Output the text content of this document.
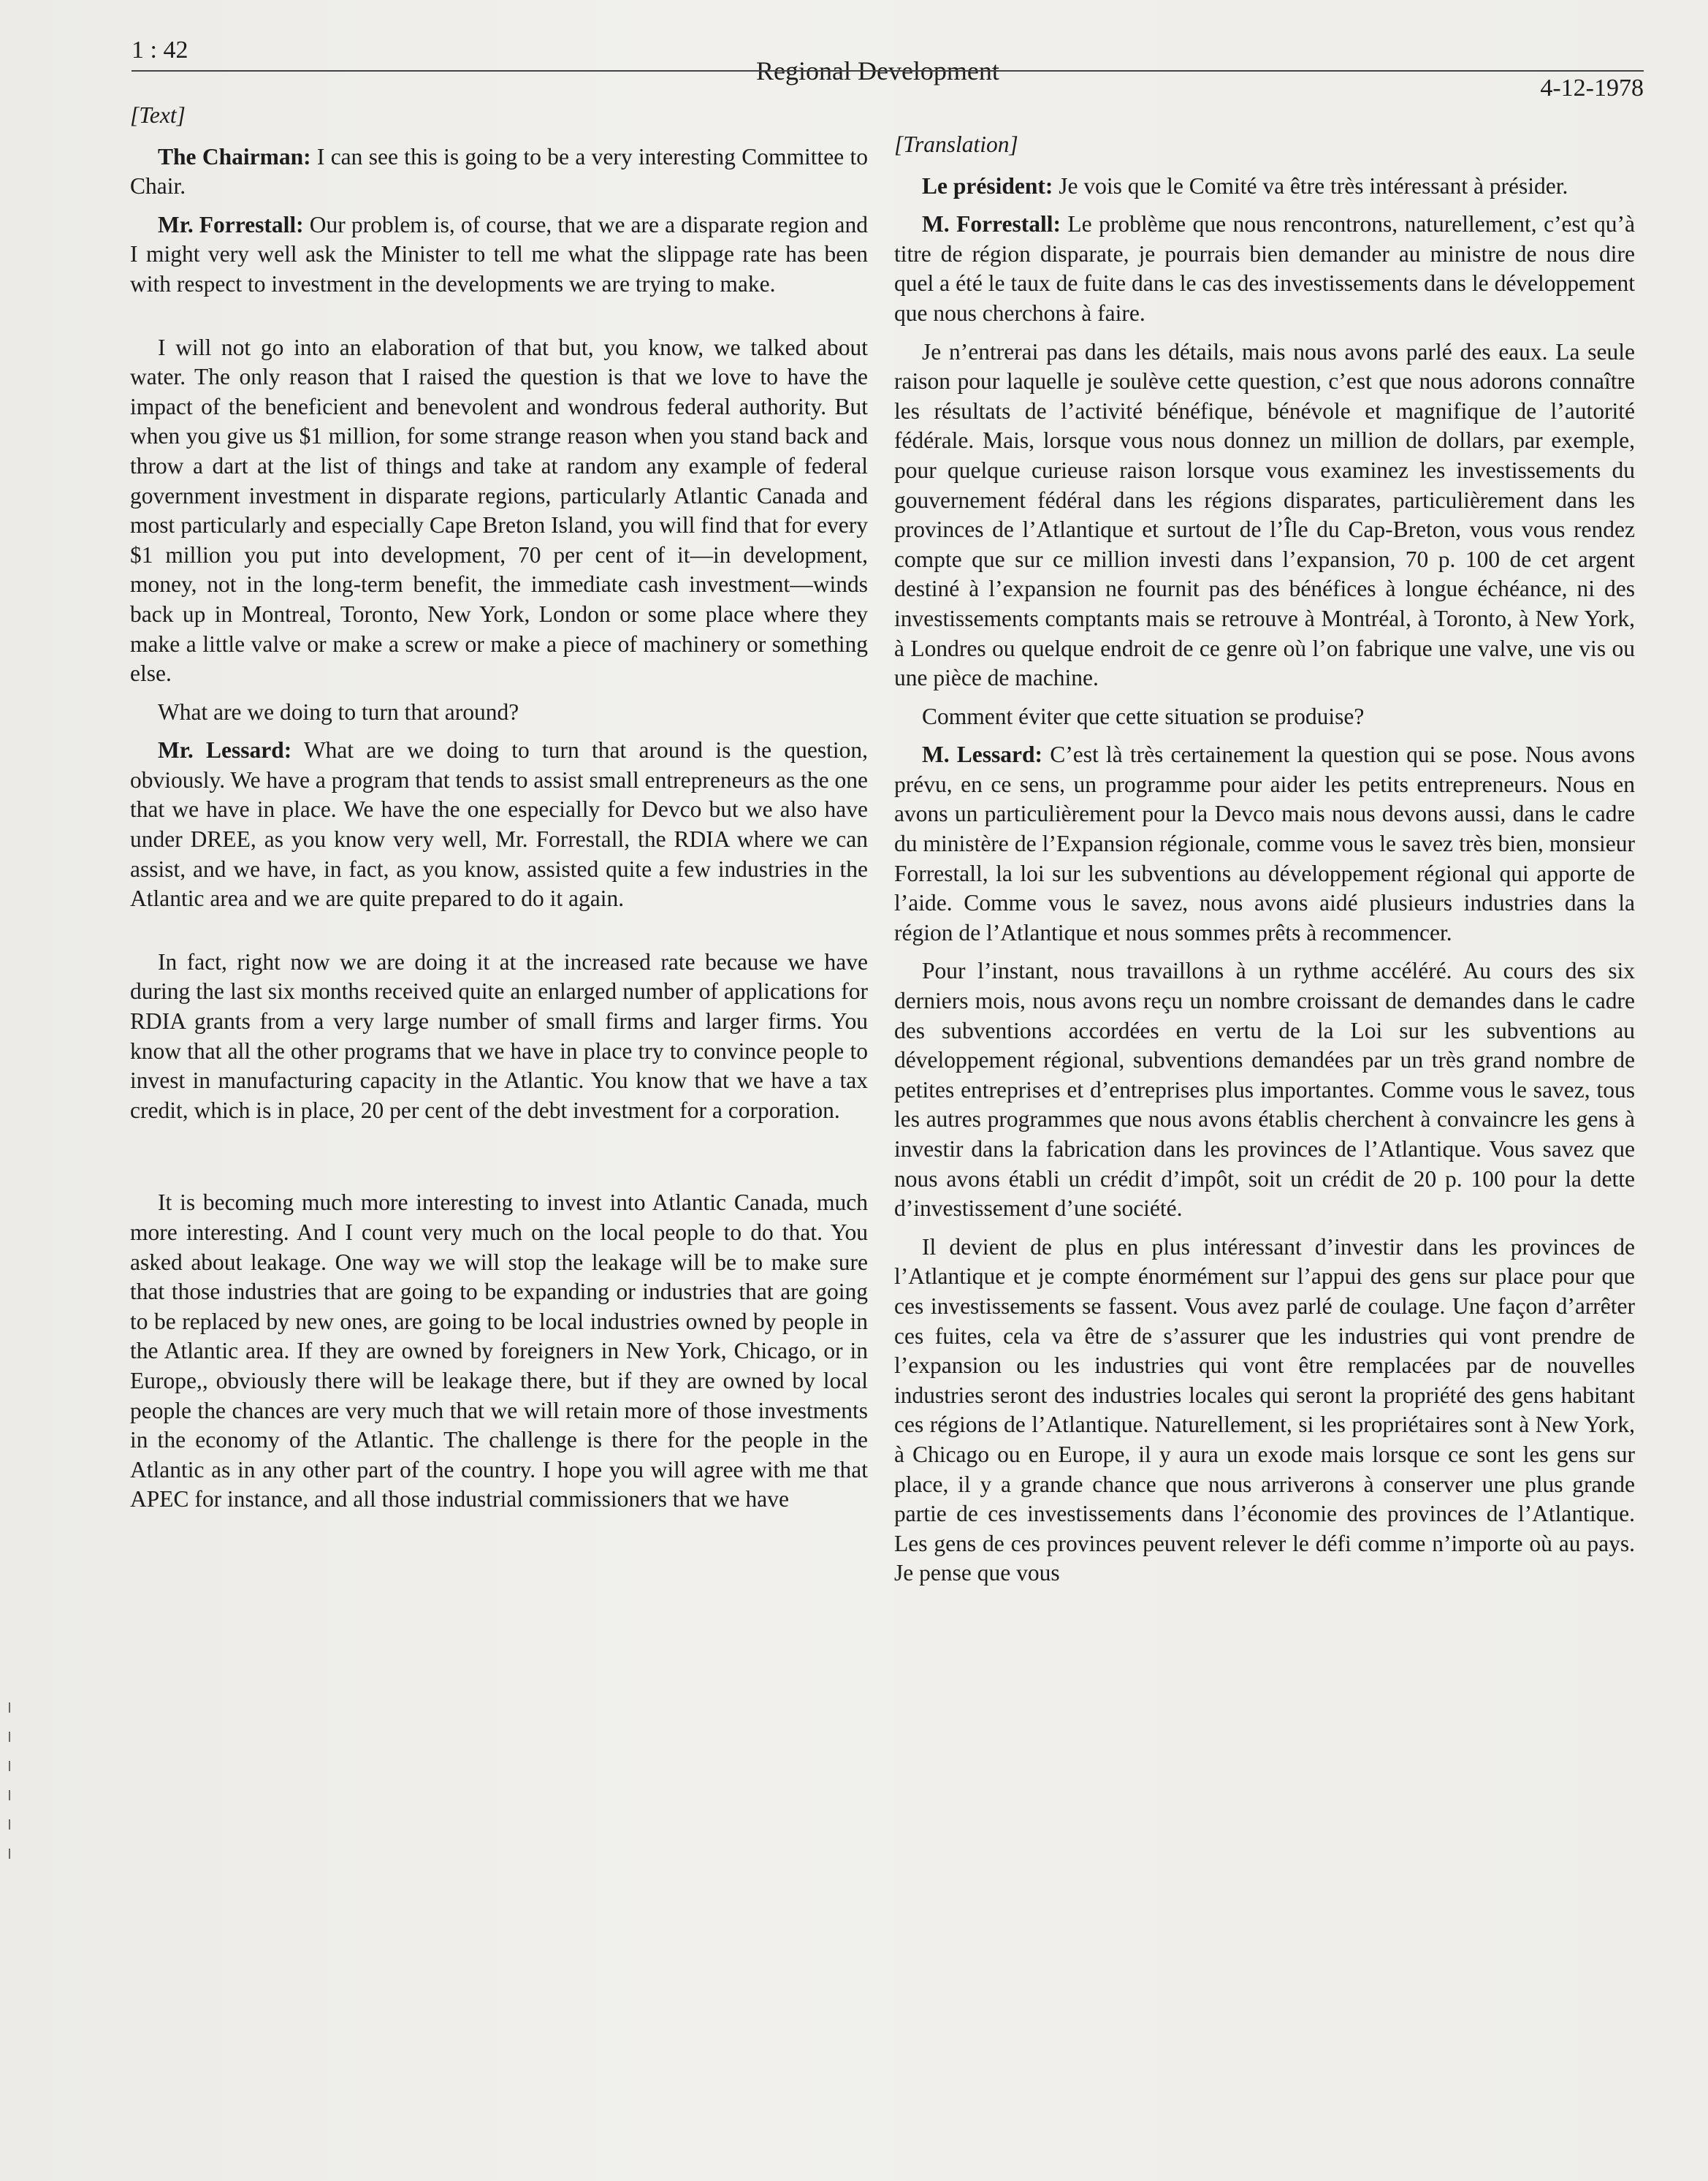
1 : 42
Regional Development
4-12-1978

[Text]

The Chairman: I can see this is going to be a very interesting Committee to Chair.

Mr. Forrestall: Our problem is, of course, that we are a disparate region and I might very well ask the Minister to tell me what the slippage rate has been with respect to investment in the developments we are trying to make.

I will not go into an elaboration of that but, you know, we talked about water. The only reason that I raised the question is that we love to have the impact of the beneficient and benevolent and wondrous federal authority. But when you give us $1 million, for some strange reason when you stand back and throw a dart at the list of things and take at random any example of federal government investment in disparate regions, particularly Atlantic Canada and most particularly and especially Cape Breton Island, you will find that for every $1 million you put into development, 70 per cent of it—in development, money, not in the long-term benefit, the immediate cash investment—winds back up in Montreal, Toronto, New York, London or some place where they make a little valve or make a screw or make a piece of machinery or something else.

What are we doing to turn that around?

Mr. Lessard: What are we doing to turn that around is the question, obviously. We have a program that tends to assist small entrepreneurs as the one that we have in place. We have the one especially for Devco but we also have under DREE, as you know very well, Mr. Forrestall, the RDIA where we can assist, and we have, in fact, as you know, assisted quite a few industries in the Atlantic area and we are quite prepared to do it again.

In fact, right now we are doing it at the increased rate because we have during the last six months received quite an enlarged number of applications for RDIA grants from a very large number of small firms and larger firms. You know that all the other programs that we have in place try to convince people to invest in manufacturing capacity in the Atlantic. You know that we have a tax credit, which is in place, 20 per cent of the debt investment for a corporation.

It is becoming much more interesting to invest into Atlantic Canada, much more interesting. And I count very much on the local people to do that. You asked about leakage. One way we will stop the leakage will be to make sure that those industries that are going to be expanding or industries that are going to be replaced by new ones, are going to be local industries owned by people in the Atlantic area. If they are owned by foreigners in New York, Chicago, or in Europe,, obviously there will be leakage there, but if they are owned by local people the chances are very much that we will retain more of those investments in the economy of the Atlantic. The challenge is there for the people in the Atlantic as in any other part of the country. I hope you will agree with me that APEC for instance, and all those industrial commissioners that we have

[Translation]

Le président: Je vois que le Comité va être très intéressant à présider.

M. Forrestall: Le problème que nous rencontrons, naturellement, c’est qu’à titre de région disparate, je pourrais bien demander au ministre de nous dire quel a été le taux de fuite dans le cas des investissements dans le développement que nous cherchons à faire.

Je n’entrerai pas dans les détails, mais nous avons parlé des eaux. La seule raison pour laquelle je soulève cette question, c’est que nous adorons connaître les résultats de l’activité bénéfique, bénévole et magnifique de l’autorité fédérale. Mais, lorsque vous nous donnez un million de dollars, par exemple, pour quelque curieuse raison lorsque vous examinez les investissements du gouvernement fédéral dans les régions disparates, particulièrement dans les provinces de l’Atlantique et surtout de l’Île du Cap-Breton, vous vous rendez compte que sur ce million investi dans l’expansion, 70 p. 100 de cet argent destiné à l’expansion ne fournit pas des bénéfices à longue échéance, ni des investissements comptants mais se retrouve à Montréal, à Toronto, à New York, à Londres ou quelque endroit de ce genre où l’on fabrique une valve, une vis ou une pièce de machine.

Comment éviter que cette situation se produise?

M. Lessard: C’est là très certainement la question qui se pose. Nous avons prévu, en ce sens, un programme pour aider les petits entrepreneurs. Nous en avons un particulièrement pour la Devco mais nous devons aussi, dans le cadre du ministère de l’Expansion régionale, comme vous le savez très bien, monsieur Forrestall, la loi sur les subventions au développement régional qui apporte de l’aide. Comme vous le savez, nous avons aidé plusieurs industries dans la région de l’Atlantique et nous sommes prêts à recommencer.

Pour l’instant, nous travaillons à un rythme accéléré. Au cours des six derniers mois, nous avons reçu un nombre croissant de demandes dans le cadre des subventions accordées en vertu de la Loi sur les subventions au développement régional, subventions demandées par un très grand nombre de petites entreprises et d’entreprises plus importantes. Comme vous le savez, tous les autres programmes que nous avons établis cherchent à convaincre les gens à investir dans la fabrication dans les provinces de l’Atlantique. Vous savez que nous avons établi un crédit d’impôt, soit un crédit de 20 p. 100 pour la dette d’investissement d’une société.

Il devient de plus en plus intéressant d’investir dans les provinces de l’Atlantique et je compte énormément sur l’appui des gens sur place pour que ces investissements se fassent. Vous avez parlé de coulage. Une façon d’arrêter ces fuites, cela va être de s’assurer que les industries qui vont prendre de l’expansion ou les industries qui vont être remplacées par de nouvelles industries seront des industries locales qui seront la propriété des gens habitant ces régions de l’Atlantique. Naturellement, si les propriétaires sont à New York, à Chicago ou en Europe, il y aura un exode mais lorsque ce sont les gens sur place, il y a grande chance que nous arriverons à conserver une plus grande partie de ces investissements dans l’économie des provinces de l’Atlantique. Les gens de ces provinces peuvent relever le défi comme n’importe où au pays. Je pense que vous
